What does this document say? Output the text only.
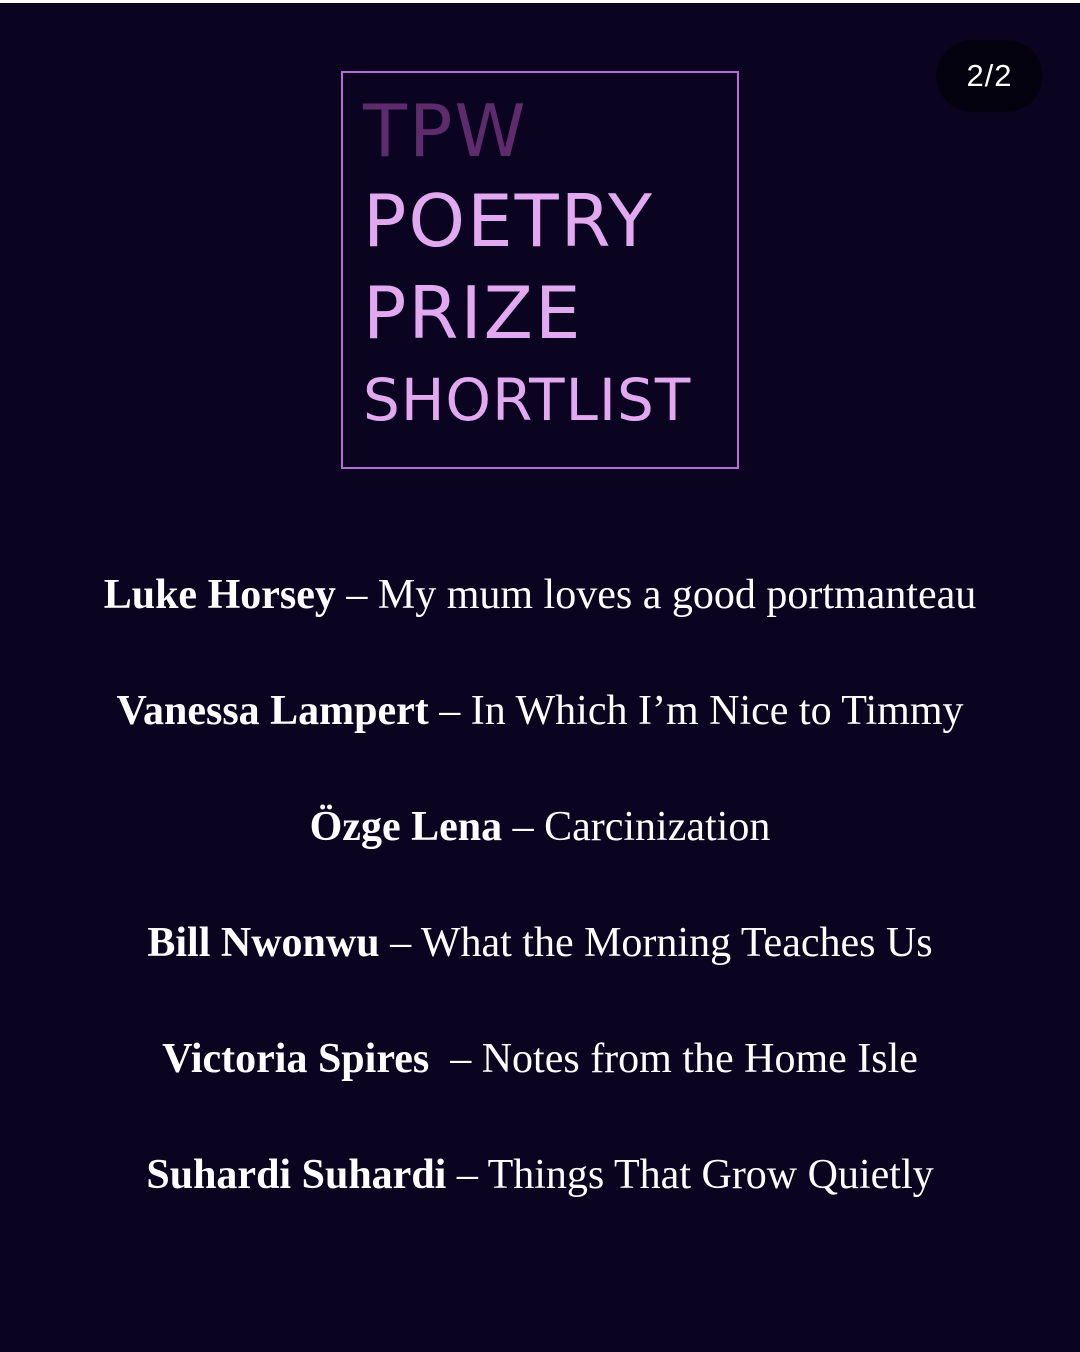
2/2
TPW
POETRY
PRIZE
SHORTLIST
Luke Horsey – My mum loves a good portmanteau
Vanessa Lampert – In Which I’m Nice to Timmy
Özge Lena – Carcinization
Bill Nwonwu – What the Morning Teaches Us
Victoria Spires  – Notes from the Home Isle
Suhardi Suhardi – Things That Grow Quietly
